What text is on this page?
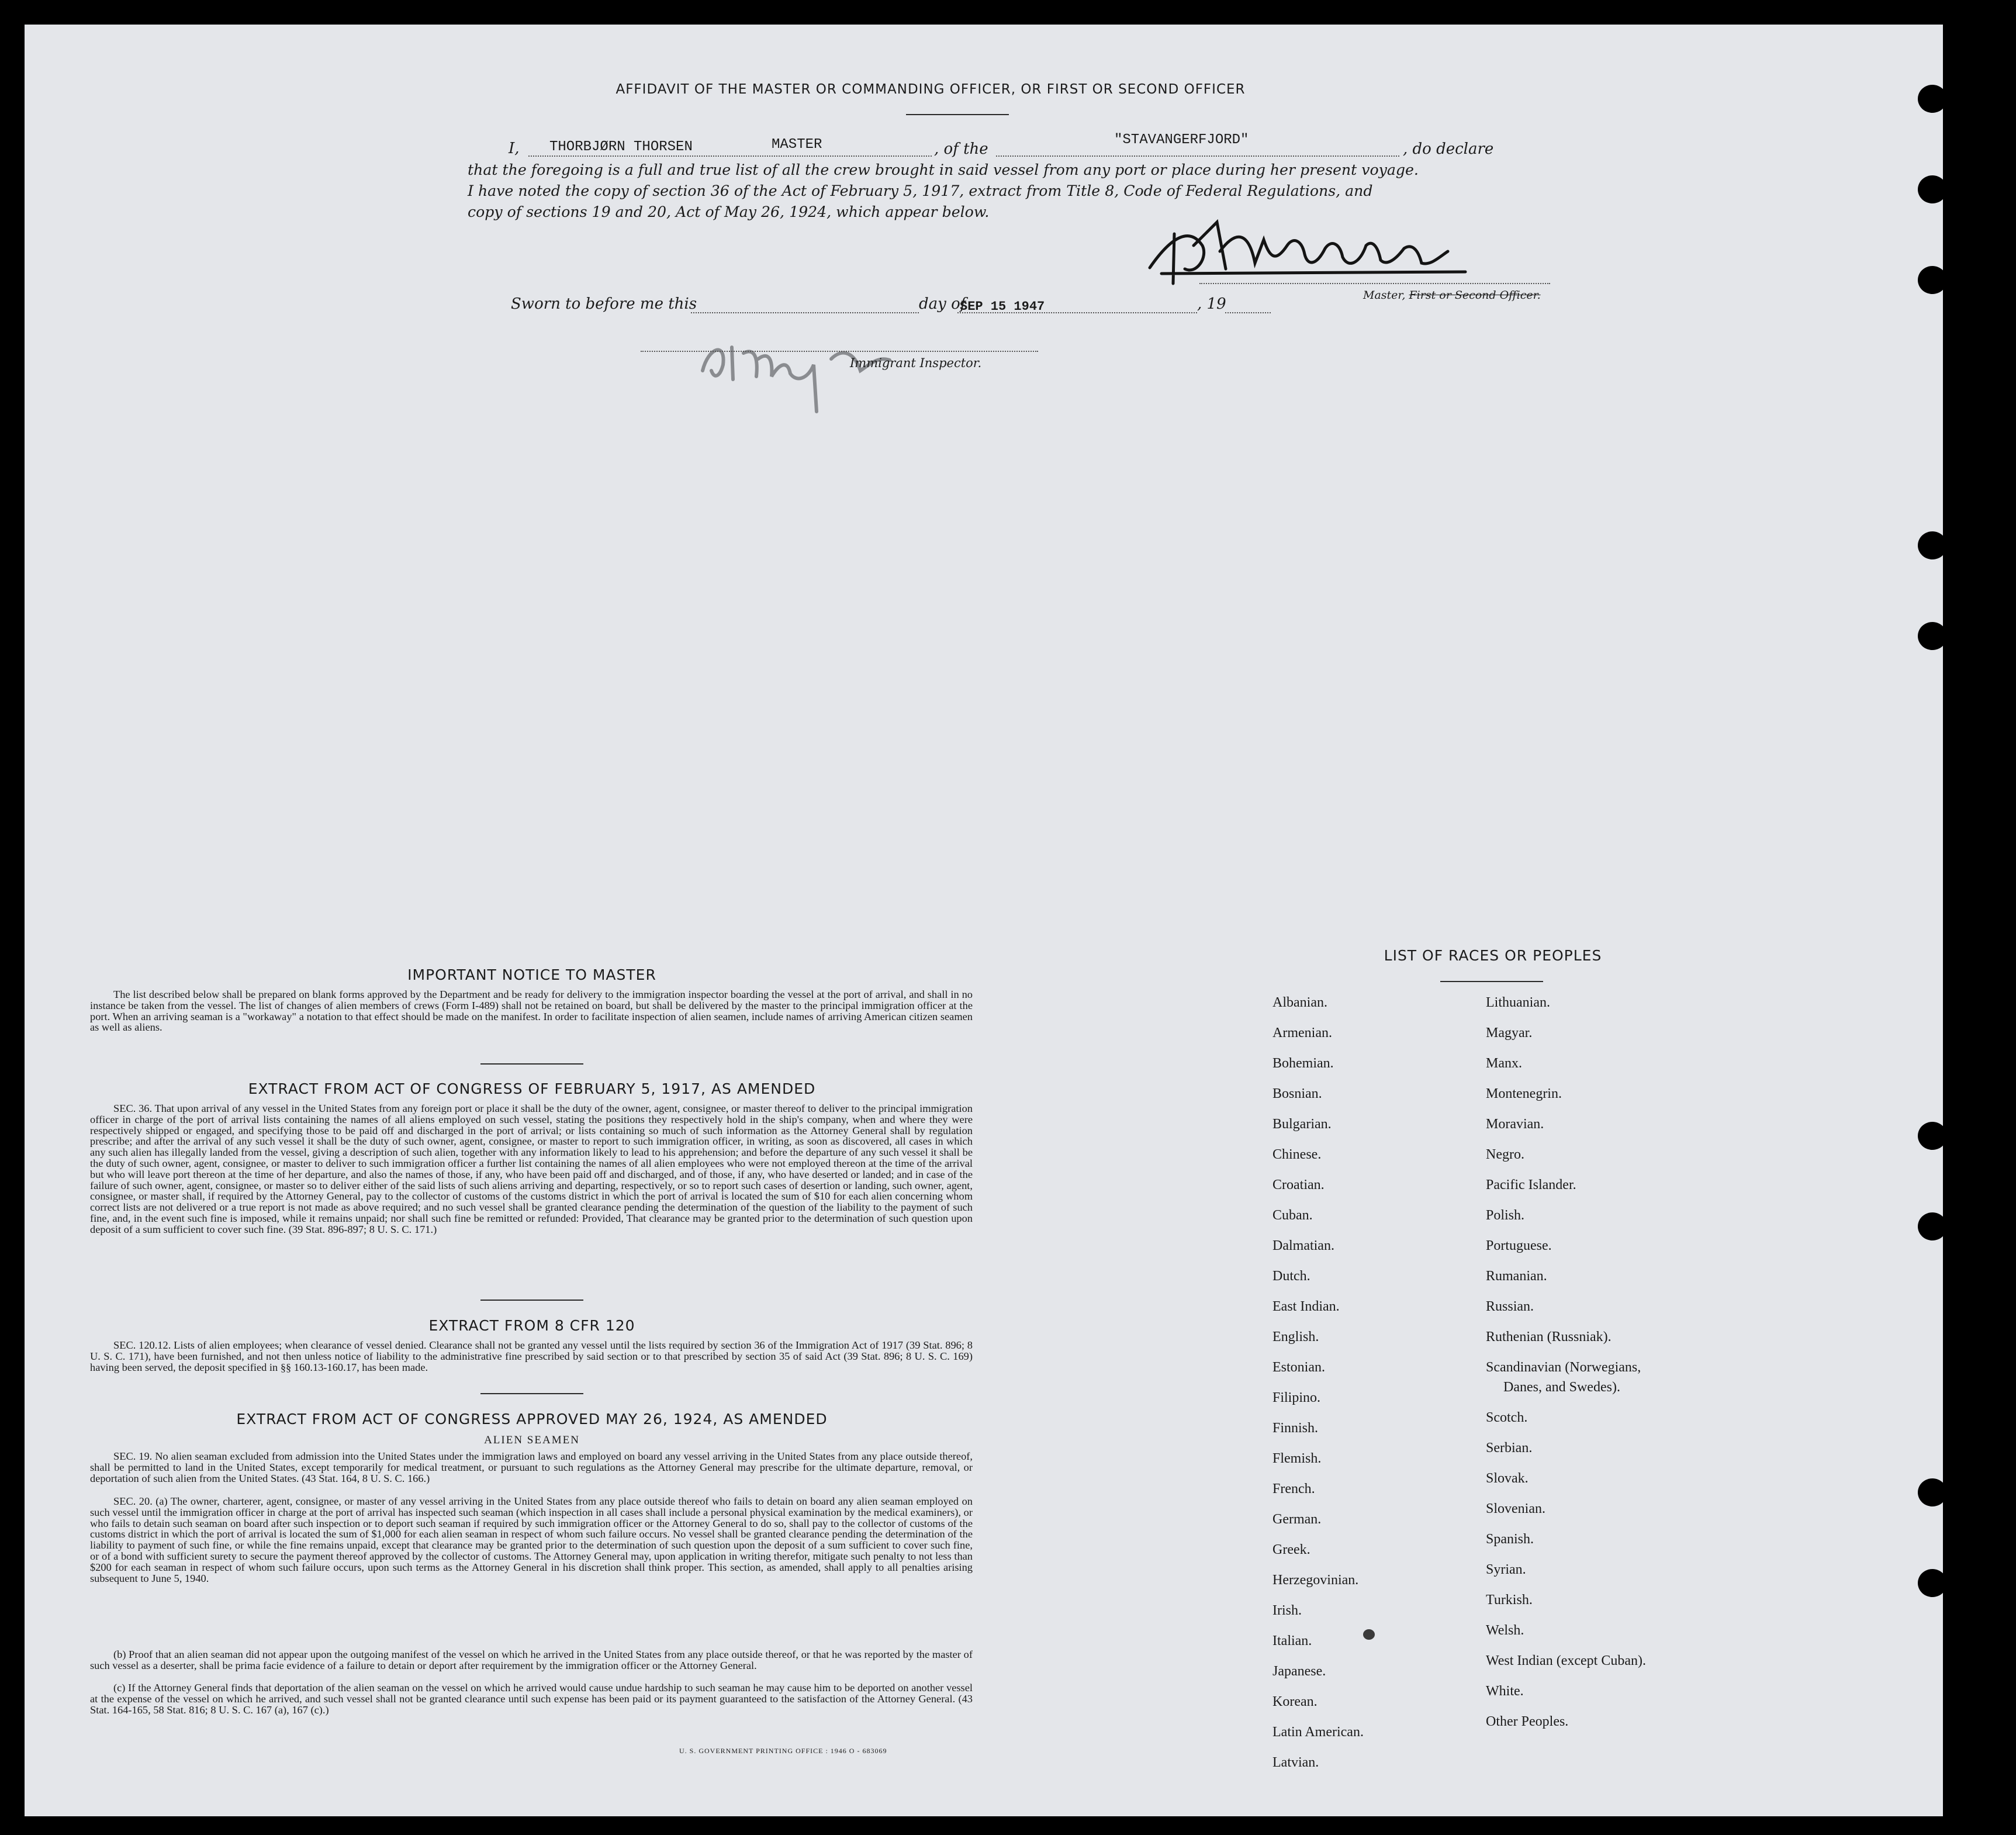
AFFIDAVIT OF THE MASTER OR COMMANDING OFFICER, OR FIRST OR SECOND OFFICER
I, THORBJØRN THORSEN	MASTER	, of the
"STAVANGERFJORD"
, do declare
that the foregoing is a full and true list of all the crew brought in said vessel from any port or place during her present voyage.
I have noted the copy of section 36 of the Act of February 5, 1917, extract from Title 8, Code of Federal Regulations, and
copy of sections 19 and 20, Act of May 26, 1924, which appear below.
Master, First or Second Officer.
Sworn to before me this	day of
SEP 15 1947	, 19
Immigrant Inspector.
IMPORTANT NOTICE TO MASTER
The list described below shall be prepared on blank forms approved by the Department and be ready for delivery to the immigration inspector boarding the vessel at the port of arrival, and shall in no instance be taken from the vessel. The list of changes of alien members of crews (Form I-489) shall not be retained on board, but shall be delivered by the master to the principal immigration officer at the port. When an arriving seaman is a "workaway" a notation to that effect should be made on the manifest. In order to facilitate inspection of alien seamen, include names of arriving American citizen seamen as well as aliens.
EXTRACT FROM ACT OF CONGRESS OF FEBRUARY 5, 1917, AS AMENDED
SEC. 36. That upon arrival of any vessel in the United States from any foreign port or place it shall be the duty of the owner, agent, consignee, or master thereof to deliver to the principal immigration officer in charge of the port of arrival lists containing the names of all aliens employed on such vessel, stating the positions they respectively hold in the ship's company, when and where they were respectively shipped or engaged, and specifying those to be paid off and discharged in the port of arrival; or lists containing so much of such information as the Attorney General shall by regulation prescribe; and after the arrival of any such vessel it shall be the duty of such owner, agent, consignee, or master to report to such immigration officer, in writing, as soon as discovered, all cases in which any such alien has illegally landed from the vessel, giving a description of such alien, together with any information likely to lead to his apprehension; and before the departure of any such vessel it shall be the duty of such owner, agent, consignee, or master to deliver to such immigration officer a further list containing the names of all alien employees who were not employed thereon at the time of the arrival but who will leave port thereon at the time of her departure, and also the names of those, if any, who have been paid off and discharged, and of those, if any, who have deserted or landed; and in case of the failure of such owner, agent, consignee, or master so to deliver either of the said lists of such aliens arriving and departing, respectively, or so to report such cases of desertion or landing, such owner, agent, consignee, or master shall, if required by the Attorney General, pay to the collector of customs of the customs district in which the port of arrival is located the sum of $10 for each alien concerning whom correct lists are not delivered or a true report is not made as above required; and no such vessel shall be granted clearance pending the determination of the question of the liability to the payment of such fine, and, in the event such fine is imposed, while it remains unpaid; nor shall such fine be remitted or refunded: Provided, That clearance may be granted prior to the determination of such question upon deposit of a sum sufficient to cover such fine. (39 Stat. 896-897; 8 U. S. C. 171.)
EXTRACT FROM 8 CFR 120
SEC. 120.12. Lists of alien employees; when clearance of vessel denied. Clearance shall not be granted any vessel until the lists required by section 36 of the Immigration Act of 1917 (39 Stat. 896; 8 U. S. C. 171), have been furnished, and not then unless notice of liability to the administrative fine prescribed by said section or to that prescribed by section 35 of said Act (39 Stat. 896; 8 U. S. C. 169) having been served, the deposit specified in §§ 160.13-160.17, has been made.
EXTRACT FROM ACT OF CONGRESS APPROVED MAY 26, 1924, AS AMENDED
ALIEN SEAMEN
SEC. 19. No alien seaman excluded from admission into the United States under the immigration laws and employed on board any vessel arriving in the United States from any place outside thereof, shall be permitted to land in the United States, except temporarily for medical treatment, or pursuant to such regulations as the Attorney General may prescribe for the ultimate departure, removal, or deportation of such alien from the United States. (43 Stat. 164, 8 U. S. C. 166.)
SEC. 20. (a) The owner, charterer, agent, consignee, or master of any vessel arriving in the United States from any place outside thereof who fails to detain on board any alien seaman employed on such vessel until the immigration officer in charge at the port of arrival has inspected such seaman (which inspection in all cases shall include a personal physical examination by the medical examiners), or who fails to detain such seaman on board after such inspection or to deport such seaman if required by such immigration officer or the Attorney General to do so, shall pay to the collector of customs of the customs district in which the port of arrival is located the sum of $1,000 for each alien seaman in respect of whom such failure occurs. No vessel shall be granted clearance pending the determination of the liability to payment of such fine, or while the fine remains unpaid, except that clearance may be granted prior to the determination of such question upon the deposit of a sum sufficient to cover such fine, or of a bond with sufficient surety to secure the payment thereof approved by the collector of customs. The Attorney General may, upon application in writing therefor, mitigate such penalty to not less than $200 for each seaman in respect of whom such failure occurs, upon such terms as the Attorney General in his discretion shall think proper. This section, as amended, shall apply to all penalties arising subsequent to June 5, 1940.
(b) Proof that an alien seaman did not appear upon the outgoing manifest of the vessel on which he arrived in the United States from any place outside thereof, or that he was reported by the master of such vessel as a deserter, shall be prima facie evidence of a failure to detain or deport after requirement by the immigration officer or the Attorney General.
(c) If the Attorney General finds that deportation of the alien seaman on the vessel on which he arrived would cause undue hardship to such seaman he may cause him to be deported on another vessel at the expense of the vessel on which he arrived, and such vessel shall not be granted clearance until such expense has been paid or its payment guaranteed to the satisfaction of the Attorney General. (43 Stat. 164-165, 58 Stat. 816; 8 U. S. C. 167 (a), 167 (c).)
U. S. GOVERNMENT PRINTING OFFICE : 1946 O - 683069
LIST OF RACES OR PEOPLES
Albanian.
Armenian.
Bohemian.
Bosnian.
Bulgarian.
Chinese.
Croatian.
Cuban.
Dalmatian.
Dutch.
East Indian.
English.
Estonian.
Filipino.
Finnish.
Flemish.
French.
German.
Greek.
Herzegovinian.
Irish.
Italian.
Japanese.
Korean.
Latin American.
Latvian.
Lithuanian.
Magyar.
Manx.
Montenegrin.
Moravian.
Negro.
Pacific Islander.
Polish.
Portuguese.
Rumanian.
Russian.
Ruthenian (Russniak).
Scandinavian (Norwegians,
Danes, and Swedes).
Scotch.
Serbian.
Slovak.
Slovenian.
Spanish.
Syrian.
Turkish.
Welsh.
West Indian (except Cuban).
White.
Other Peoples.
